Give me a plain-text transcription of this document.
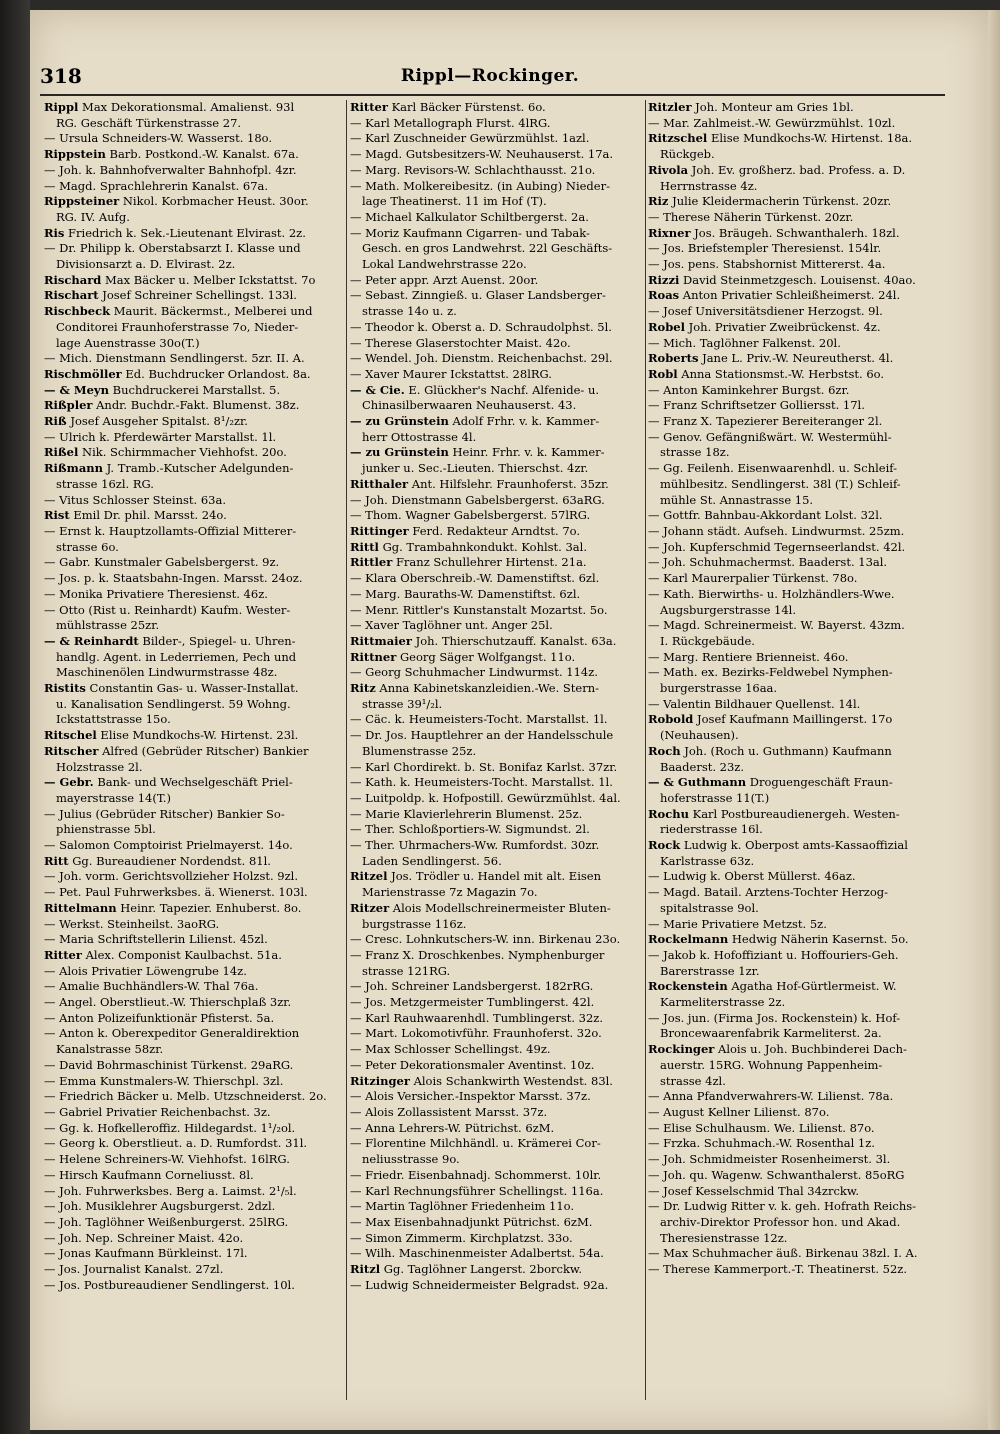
318	Rippl—Rockinger.
Rippl Max Dekorationsmal. Amalienst. 93l
RG. Geschäft Türkenstrasse 27.
— Ursula Schneiders-W. Wasserst. 18o.
Rippstein Barb. Postkond.-W. Kanalst. 67a.
— Joh. k. Bahnhofverwalter Bahnhofpl. 4zr.
— Magd. Sprachlehrerin Kanalst. 67a.
Rippsteiner Nikol. Korbmacher Heust. 30or.
RG. IV. Aufg.
Ris Friedrich k. Sek.-Lieutenant Elvirast. 2z.
— Dr. Philipp k. Oberstabsarzt I. Klasse und
Divisionsarzt a. D. Elvirast. 2z.
Rischard Max Bäcker u. Melber Ickstattst. 7o
Rischart Josef Schreiner Schellingst. 133l.
Rischbeck Maurit. Bäckermst., Melberei und
Conditorei Fraunhoferstrasse 7o, Nieder-
lage Auenstrasse 30o(T.)
— Mich. Dienstmann Sendlingerst. 5zr. II. A.
Rischmöller Ed. Buchdrucker Orlandost. 8a.
— & Meyn Buchdruckerei Marstallst. 5.
Rißpler Andr. Buchdr.-Fakt. Blumenst. 38z.
Riß Josef Ausgeher Spitalst. 8¹/₂zr.
— Ulrich k. Pferdewärter Marstallst. 1l.
Rißel Nik. Schirmmacher Viehhofst. 20o.
Rißmann J. Tramb.-Kutscher Adelgunden-
strasse 16zl. RG.
— Vitus Schlosser Steinst. 63a.
Rist Emil Dr. phil. Marsst. 24o.
— Ernst k. Hauptzollamts-Offizial Mitterer-
strasse 6o.
— Gabr. Kunstmaler Gabelsbergerst. 9z.
— Jos. p. k. Staatsbahn-Ingen. Marsst. 24oz.
— Monika Privatiere Theresienst. 46z.
— Otto (Rist u. Reinhardt) Kaufm. Wester-
mühlstrasse 25zr.
— & Reinhardt Bilder-, Spiegel- u. Uhren-
handlg. Agent. in Lederriemen, Pech und
Maschinenölen Lindwurmstrasse 48z.
Ristits Constantin Gas- u. Wasser-Installat.
u. Kanalisation Sendlingerst. 59 Wohng.
Ickstattstrasse 15o.
Ritschel Elise Mundkochs-W. Hirtenst. 23l.
Ritscher Alfred (Gebrüder Ritscher) Bankier
Holzstrasse 2l.
— Gebr. Bank- und Wechselgeschäft Priel-
mayerstrasse 14(T.)
— Julius (Gebrüder Ritscher) Bankier So-
phienstrasse 5bl.
— Salomon Comptoirist Prielmayerst. 14o.
Ritt Gg. Bureaudiener Nordendst. 81l.
— Joh. vorm. Gerichtsvollzieher Holzst. 9zl.
— Pet. Paul Fuhrwerksbes. ä. Wienerst. 103l.
Rittelmann Heinr. Tapezier. Enhuberst. 8o.
— Werkst. Steinheilst. 3aoRG.
— Maria Schriftstellerin Lilienst. 45zl.
Ritter Alex. Componist Kaulbachst. 51a.
— Alois Privatier Löwengrube 14z.
— Amalie Buchhändlers-W. Thal 76a.
— Angel. Oberstlieut.-W. Thierschplaß 3zr.
— Anton Polizeifunktionär Pfisterst. 5a.
— Anton k. Oberexpeditor Generaldirektion
Kanalstrasse 58zr.
— David Bohrmaschinist Türkenst. 29aRG.
— Emma Kunstmalers-W. Thierschpl. 3zl.
— Friedrich Bäcker u. Melb. Utzschneiderst. 2o.
— Gabriel Privatier Reichenbachst. 3z.
— Gg. k. Hofkelleroffiz. Hildegardst. 1¹/₂ol.
— Georg k. Oberstlieut. a. D. Rumfordst. 31l.
— Helene Schreiners-W. Viehhofst. 16lRG.
— Hirsch Kaufmann Corneliusst. 8l.
— Joh. Fuhrwerksbes. Berg a. Laimst. 2¹/₅l.
— Joh. Musiklehrer Augsburgerst. 2dzl.
— Joh. Taglöhner Weißenburgerst. 25lRG.
— Joh. Nep. Schreiner Maist. 42o.
— Jonas Kaufmann Bürkleinst. 17l.
— Jos. Journalist Kanalst. 27zl.
— Jos. Postbureaudiener Sendlingerst. 10l.
Ritter Karl Bäcker Fürstenst. 6o.
— Karl Metallograph Flurst. 4lRG.
— Karl Zuschneider Gewürzmühlst. 1azl.
— Magd. Gutsbesitzers-W. Neuhauserst. 17a.
— Marg. Revisors-W. Schlachthausst. 21o.
— Math. Molkereibesitz. (in Aubing) Nieder-
lage Theatinerst. 11 im Hof (T).
— Michael Kalkulator Schiltbergerst. 2a.
— Moriz Kaufmann Cigarren- und Tabak-
Gesch. en gros Landwehrst. 22l Geschäfts-
Lokal Landwehrstrasse 22o.
— Peter appr. Arzt Auenst. 20or.
— Sebast. Zinngieß. u. Glaser Landsberger-
strasse 14o u. z.
— Theodor k. Oberst a. D. Schraudolphst. 5l.
— Therese Glaserstochter Maist. 42o.
— Wendel. Joh. Dienstm. Reichenbachst. 29l.
— Xaver Maurer Ickstattst. 28lRG.
— & Cie. E. Glückher's Nachf. Alfenide- u.
Chinasilberwaaren Neuhauserst. 43.
— zu Grünstein Adolf Frhr. v. k. Kammer-
herr Ottostrasse 4l.
— zu Grünstein Heinr. Frhr. v. k. Kammer-
junker u. Sec.-Lieuten. Thierschst. 4zr.
Ritthaler Ant. Hilfslehr. Fraunhoferst. 35zr.
— Joh. Dienstmann Gabelsbergerst. 63aRG.
— Thom. Wagner Gabelsbergerst. 57lRG.
Rittinger Ferd. Redakteur Arndtst. 7o.
Rittl Gg. Trambahnkondukt. Kohlst. 3al.
Rittler Franz Schullehrer Hirtenst. 21a.
— Klara Oberschreib.-W. Damenstiftst. 6zl.
— Marg. Bauraths-W. Damenstiftst. 6zl.
— Menr. Rittler's Kunstanstalt Mozartst. 5o.
— Xaver Taglöhner unt. Anger 25l.
Rittmaier Joh. Thierschutzauff. Kanalst. 63a.
Rittner Georg Säger Wolfgangst. 11o.
— Georg Schuhmacher Lindwurmst. 114z.
Ritz Anna Kabinetskanzleidien.-We. Stern-
strasse 39¹/₂l.
— Cäc. k. Heumeisters-Tocht. Marstallst. 1l.
— Dr. Jos. Hauptlehrer an der Handelsschule
Blumenstrasse 25z.
— Karl Chordirekt. b. St. Bonifaz Karlst. 37zr.
— Kath. k. Heumeisters-Tocht. Marstallst. 1l.
— Luitpoldp. k. Hofpostill. Gewürzmühlst. 4al.
— Marie Klavierlehrerin Blumenst. 25z.
— Ther. Schloßportiers-W. Sigmundst. 2l.
— Ther. Uhrmachers-Ww. Rumfordst. 30zr.
Laden Sendlingerst. 56.
Ritzel Jos. Trödler u. Handel mit alt. Eisen
Marienstrasse 7z Magazin 7o.
Ritzer Alois Modellschreinermeister Bluten-
burgstrasse 116z.
— Cresc. Lohnkutschers-W. inn. Birkenau 23o.
— Franz X. Droschkenbes. Nymphenburger
strasse 121RG.
— Joh. Schreiner Landsbergerst. 182rRG.
— Jos. Metzgermeister Tumblingerst. 42l.
— Karl Rauhwaarenhdl. Tumblingerst. 32z.
— Mart. Lokomotivführ. Fraunhoferst. 32o.
— Max Schlosser Schellingst. 49z.
— Peter Dekorationsmaler Aventinst. 10z.
Ritzinger Alois Schankwirth Westendst. 83l.
— Alois Versicher.-Inspektor Marsst. 37z.
— Alois Zollassistent Marsst. 37z.
— Anna Lehrers-W. Pütrichst. 6zM.
— Florentine Milchhändl. u. Krämerei Cor-
neliusstrasse 9o.
— Friedr. Eisenbahnadj. Schommerst. 10lr.
— Karl Rechnungsführer Schellingst. 116a.
— Martin Taglöhner Friedenheim 11o.
— Max Eisenbahnadjunkt Pütrichst. 6zM.
— Simon Zimmerm. Kirchplatzst. 33o.
— Wilh. Maschinenmeister Adalbertst. 54a.
Ritzl Gg. Taglöhner Langerst. 2borckw.
— Ludwig Schneidermeister Belgradst. 92a.
Ritzler Joh. Monteur am Gries 1bl.
— Mar. Zahlmeist.-W. Gewürzmühlst. 10zl.
Ritzschel Elise Mundkochs-W. Hirtenst. 18a.
Rückgeb.
Rivola Joh. Ev. großherz. bad. Profess. a. D.
Herrnstrasse 4z.
Riz Julie Kleidermacherin Türkenst. 20zr.
— Therese Näherin Türkenst. 20zr.
Rixner Jos. Bräugeh. Schwanthalerh. 18zl.
— Jos. Briefstempler Theresienst. 154lr.
— Jos. pens. Stabshornist Mittererst. 4a.
Rizzi David Steinmetzgesch. Louisenst. 40ao.
Roas Anton Privatier Schleißheimerst. 24l.
— Josef Universitätsdiener Herzogst. 9l.
Robel Joh. Privatier Zweibrückenst. 4z.
— Mich. Taglöhner Falkenst. 20l.
Roberts Jane L. Priv.-W. Neureutherst. 4l.
Robl Anna Stationsmst.-W. Herbstst. 6o.
— Anton Kaminkehrer Burgst. 6zr.
— Franz Schriftsetzer Golliersst. 17l.
— Franz X. Tapezierer Bereiteranger 2l.
— Genov. Gefängnißwärt. W. Westermühl-
strasse 18z.
— Gg. Feilenh. Eisenwaarenhdl. u. Schleif-
mühlbesitz. Sendlingerst. 38l (T.) Schleif-
mühle St. Annastrasse 15.
— Gottfr. Bahnbau-Akkordant Lolst. 32l.
— Johann städt. Aufseh. Lindwurmst. 25zm.
— Joh. Kupferschmid Tegernseerlandst. 42l.
— Joh. Schuhmachermst. Baaderst. 13al.
— Karl Maurerpalier Türkenst. 78o.
— Kath. Bierwirths- u. Holzhändlers-Wwe.
Augsburgerstrasse 14l.
— Magd. Schreinermeist. W. Bayerst. 43zm.
I. Rückgebäude.
— Marg. Rentiere Brienneist. 46o.
— Math. ex. Bezirks-Feldwebel Nymphen-
burgerstrasse 16aa.
— Valentin Bildhauer Quellenst. 14l.
Robold Josef Kaufmann Maillingerst. 17o
(Neuhausen).
Roch Joh. (Roch u. Guthmann) Kaufmann
Baaderst. 23z.
— & Guthmann Droguengeschäft Fraun-
hoferstrasse 11(T.)
Rochu Karl Postbureaudienergeh. Westen-
riederstrasse 16l.
Rock Ludwig k. Oberpost amts-Kassaoffizial
Karlstrasse 63z.
— Ludwig k. Oberst Müllerst. 46az.
— Magd. Batail. Arztens-Tochter Herzog-
spitalstrasse 9ol.
— Marie Privatiere Metzst. 5z.
Rockelmann Hedwig Näherin Kasernst. 5o.
— Jakob k. Hofoffiziant u. Hoffouriers-Geh.
Barerstrasse 1zr.
Rockenstein Agatha Hof-Gürtlermeist. W.
Karmeliterstrasse 2z.
— Jos. jun. (Firma Jos. Rockenstein) k. Hof-
Broncewaarenfabrik Karmeliterst. 2a.
Rockinger Alois u. Joh. Buchbinderei Dach-
auerstr. 15RG. Wohnung Pappenheim-
strasse 4zl.
— Anna Pfandverwahrers-W. Lilienst. 78a.
— August Kellner Lilienst. 87o.
— Elise Schulhausm. We. Lilienst. 87o.
— Frzka. Schuhmach.-W. Rosenthal 1z.
— Joh. Schmidmeister Rosenheimerst. 3l.
— Joh. qu. Wagenw. Schwanthalerst. 85oRG
— Josef Kesselschmid Thal 34zrckw.
— Dr. Ludwig Ritter v. k. geh. Hofrath Reichs-
archiv-Direktor Professor hon. und Akad.
Theresienstrasse 12z.
— Max Schuhmacher äuß. Birkenau 38zl. I. A.
— Therese Kammerport.-T. Theatinerst. 52z.
